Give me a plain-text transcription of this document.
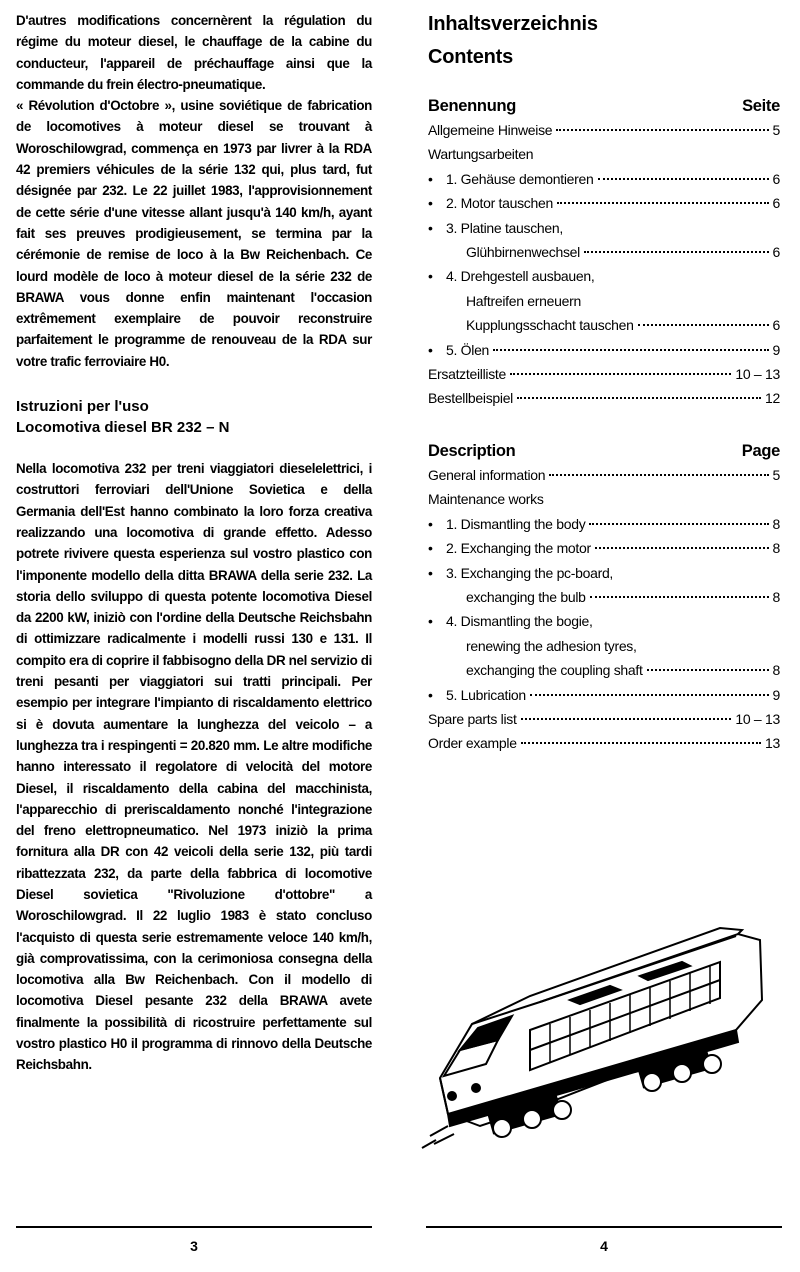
D'autres modifications concernèrent la régulation du régime du moteur diesel, le chauffage de la cabine du conducteur, l'appareil de préchauffage ainsi que la commande du frein électro-pneumatique.

« Révolution d'Octobre », usine soviétique de fabrication de locomotives à moteur diesel se trouvant à Woroschilowgrad, commença en 1973 par livrer à la RDA 42 premiers véhicules de la série 132 qui, plus tard, fut désignée par 232. Le 22 juillet 1983, l'approvisionnement de cette série d'une vitesse allant jusqu'à 140 km/h, ayant fait ses preuves prodigieusement, se termina par la cérémonie de remise de loco à la Bw Reichenbach. Ce lourd modèle de loco à moteur diesel de la série 232 de BRAWA vous donne enfin maintenant l'occasion extrêmement exemplaire de pouvoir reconstruire parfaitement le programme de renouveau de la RDA sur votre trafic ferroviaire H0.

Istruzioni per l'uso
Locomotiva diesel BR 232 – N

Nella locomotiva 232 per treni viaggiatori dieselelettrici, i costruttori ferroviari dell'Unione Sovietica e della Germania dell'Est hanno combinato la loro forza creativa realizzando una locomotiva di grande effetto. Adesso potrete rivivere questa esperienza sul vostro plastico con l'imponente modello della ditta BRAWA della serie 232. La storia dello sviluppo di questa potente locomotiva Diesel da 2200 kW, iniziò con l'ordine della Deutsche Reichsbahn di ottimizzare radicalmente i modelli russi 130 e 131. Il compito era di coprire il fabbisogno della DR nel servizio di treni pesanti per viaggiatori sui tratti principali. Per esempio per integrare l'impianto di riscaldamento elettrico si è dovuta aumentare la lunghezza del veicolo – a lunghezza tra i respingenti = 20.820 mm. Le altre modifiche hanno interessato il regolatore di velocità del motore Diesel, il riscaldamento della cabina del macchinista, l'apparecchio di preriscaldamento nonché l'integrazione del freno elettropneumatico. Nel 1973 iniziò la prima fornitura alla DR con 42 veicoli della serie 132, più tardi ribattezzata 232, da parte della fabbrica di locomotive Diesel sovietica "Rivoluzione d'ottobre" a Woroschilowgrad. Il 22 luglio 1983 è stato concluso l'acquisto di questa serie estremamente veloce 140 km/h, già comprovatissima, con la cerimoniosa consegna della locomotiva alla Bw Reichenbach. Con il modello di locomotiva Diesel pesante 232 della BRAWA avete finalmente la possibilità di ricostruire perfettamente sul vostro plastico H0 il programma di rinnovo della Deutsche Reichsbahn.

3
Inhaltsverzeichnis
Contents
Benennung	Seite
Allgemeine Hinweise	5
Wartungsarbeiten
• 1. Gehäuse demontieren	6
• 2. Motor tauschen	6
• 3. Platine tauschen,
Glühbirnenwechsel	6
• 4. Drehgestell ausbauen,
Haftreifen erneuern
Kupplungsschacht tauschen	6
• 5. Ölen	9
Ersatzteilliste	10 – 13
Bestellbeispiel	12
Description	Page
General information	5
Maintenance works
• 1. Dismantling the body	8
• 2. Exchanging the motor	8
• 3. Exchanging the pc-board,
exchanging the bulb	8
• 4. Dismantling the bogie,
renewing the adhesion tyres,
exchanging the coupling shaft	8
• 5. Lubrication	9
Spare parts list	10 – 13
Order example	13
4
